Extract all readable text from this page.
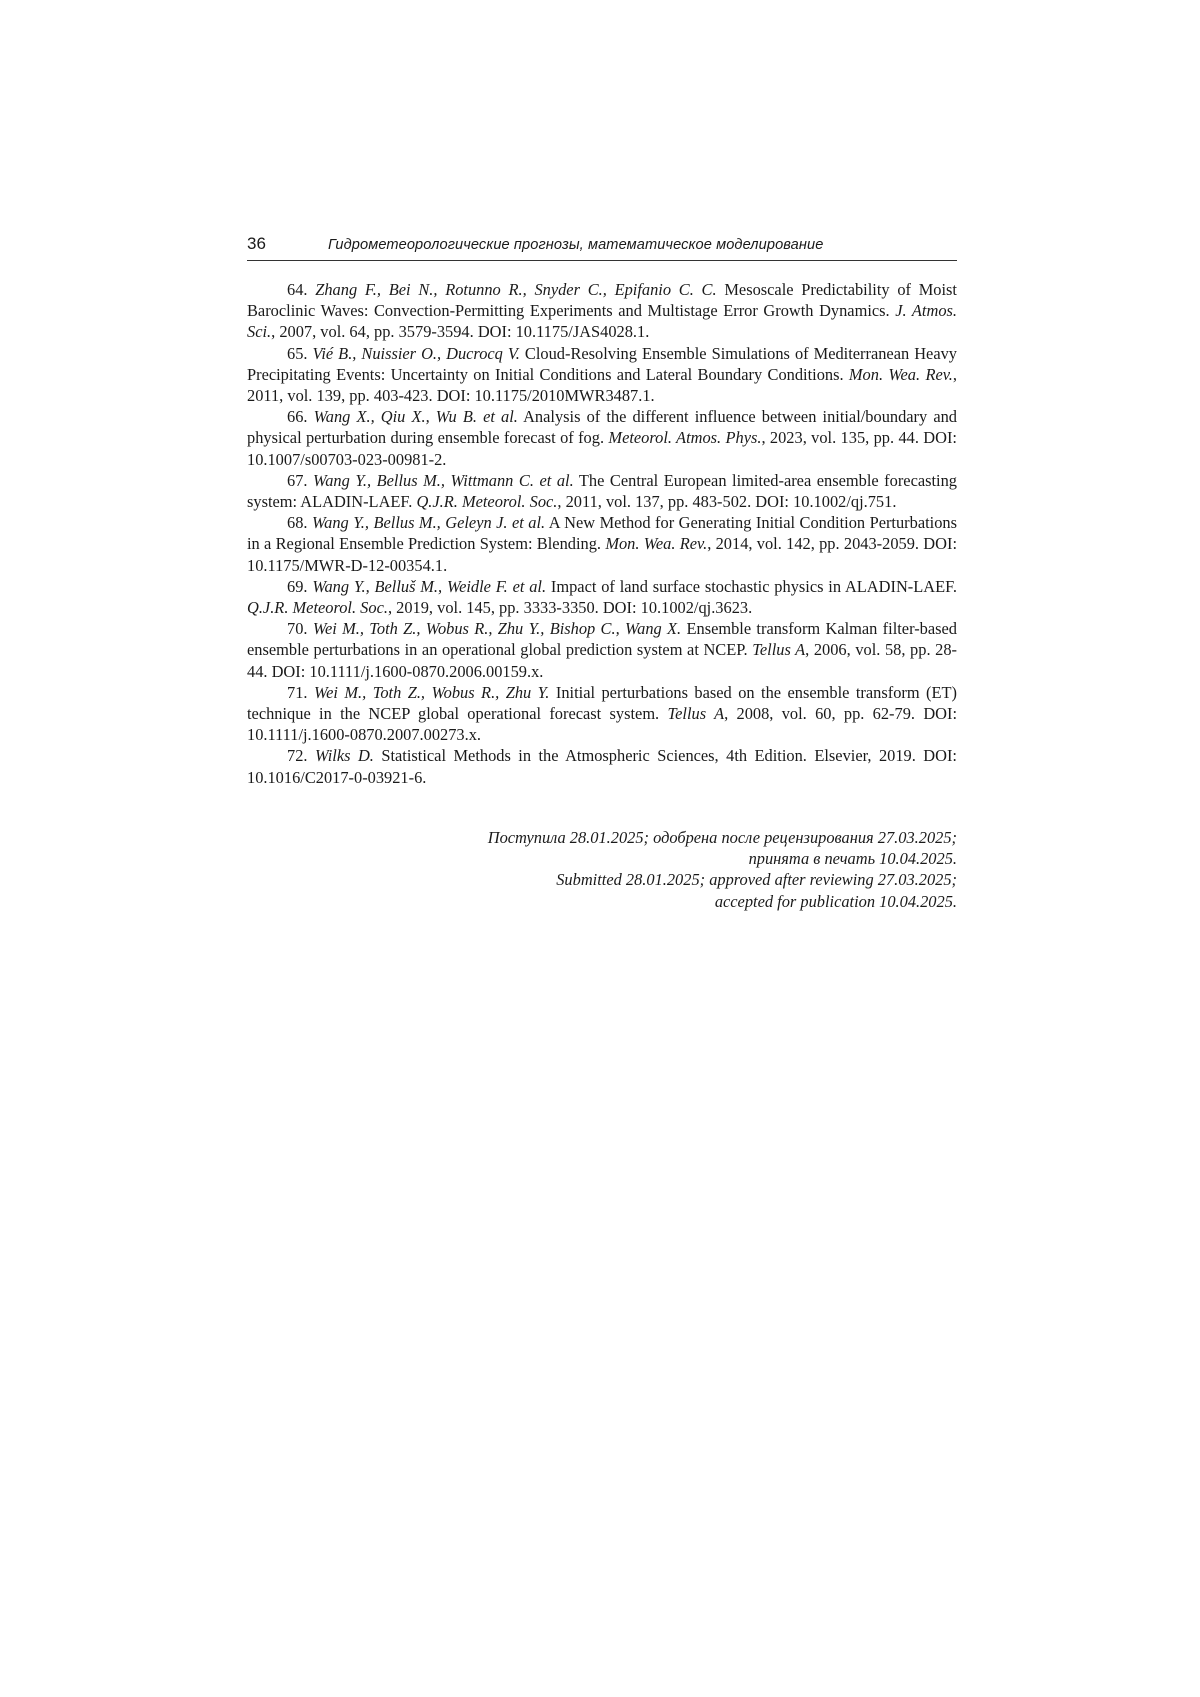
36	Гидрометеорологические прогнозы, математическое моделирование

64. Zhang F., Bei N., Rotunno R., Snyder C., Epifanio C. C. Mesoscale Predictability of Moist Baroclinic Waves: Convection-Permitting Experiments and Multistage Error Growth Dynamics. J. Atmos. Sci., 2007, vol. 64, pp. 3579-3594. DOI: 10.1175/JAS4028.1.

65. Vié B., Nuissier O., Ducrocq V. Cloud-Resolving Ensemble Simulations of Mediterranean Heavy Precipitating Events: Uncertainty on Initial Conditions and Lateral Boundary Conditions. Mon. Wea. Rev., 2011, vol. 139, pp. 403-423. DOI: 10.1175/2010MWR3487.1.

66. Wang X., Qiu X., Wu B. et al. Analysis of the different influence between initial/boundary and physical perturbation during ensemble forecast of fog. Meteorol. Atmos. Phys., 2023, vol. 135, pp. 44. DOI: 10.1007/s00703-023-00981-2.

67. Wang Y., Bellus M., Wittmann C. et al. The Central European limited-area ensemble forecasting system: ALADIN-LAEF. Q.J.R. Meteorol. Soc., 2011, vol. 137, pp. 483-502. DOI: 10.1002/qj.751.

68. Wang Y., Bellus M., Geleyn J. et al. A New Method for Generating Initial Condition Perturbations in a Regional Ensemble Prediction System: Blending. Mon. Wea. Rev., 2014, vol. 142, pp. 2043-2059. DOI: 10.1175/MWR-D-12-00354.1.

69. Wang Y., Belluš M., Weidle F. et al. Impact of land surface stochastic physics in ALADIN-LAEF. Q.J.R. Meteorol. Soc., 2019, vol. 145, pp. 3333-3350. DOI: 10.1002/qj.3623.

70. Wei M., Toth Z., Wobus R., Zhu Y., Bishop C., Wang X. Ensemble transform Kalman filter-based ensemble perturbations in an operational global prediction system at NCEP. Tellus A, 2006, vol. 58, pp. 28-44. DOI: 10.1111/j.1600-0870.2006.00159.x.

71. Wei M., Toth Z., Wobus R., Zhu Y. Initial perturbations based on the ensemble transform (ET) technique in the NCEP global operational forecast system. Tellus A, 2008, vol. 60, pp. 62-79. DOI: 10.1111/j.1600-0870.2007.00273.x.

72. Wilks D. Statistical Methods in the Atmospheric Sciences, 4th Edition. Elsevier, 2019. DOI: 10.1016/C2017-0-03921-6.

Поступила 28.01.2025; одобрена после рецензирования 27.03.2025;
принята в печать 10.04.2025.
Submitted 28.01.2025; approved after reviewing 27.03.2025;
accepted for publication 10.04.2025.
